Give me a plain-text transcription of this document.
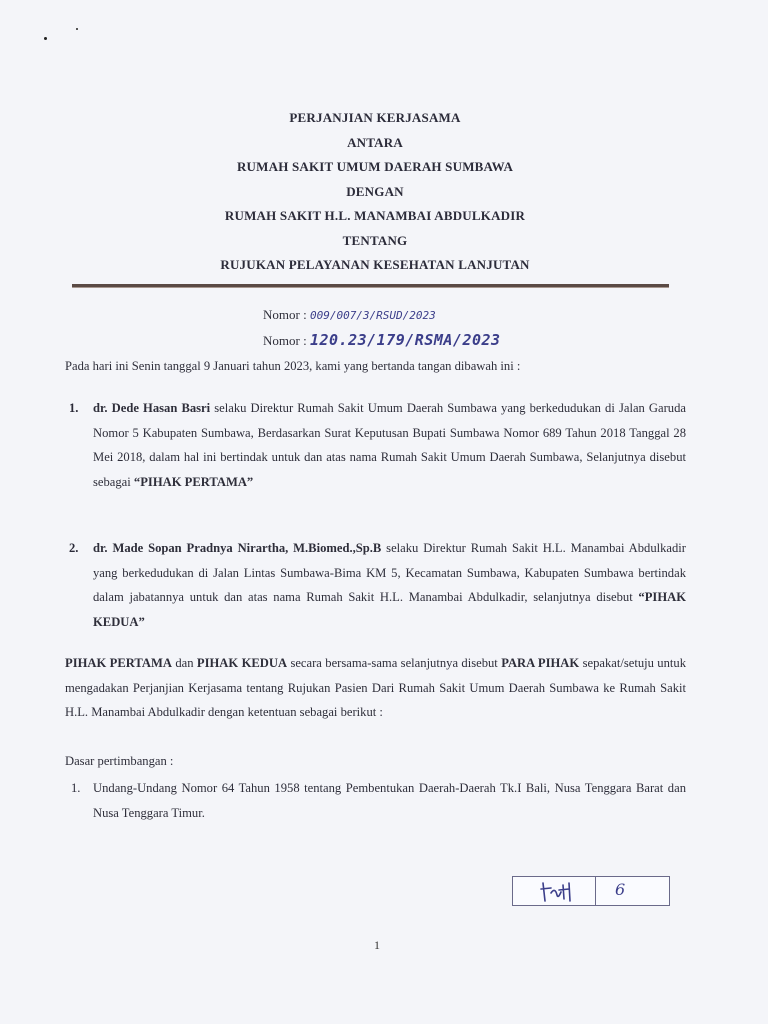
PERJANJIAN KERJASAMA
ANTARA
RUMAH SAKIT UMUM DAERAH SUMBAWA
DENGAN
RUMAH SAKIT H.L. MANAMBAI ABDULKADIR
TENTANG
RUJUKAN PELAYANAN KESEHATAN LANJUTAN
Nomor : 009/007/3/RSUD/2023
Nomor : 120.23/179/RSMA/2023
Pada hari ini Senin tanggal 9 Januari tahun 2023, kami yang bertanda tangan dibawah ini :
1. dr. Dede Hasan Basri selaku Direktur Rumah Sakit Umum Daerah Sumbawa yang berkedudukan di Jalan Garuda Nomor 5 Kabupaten Sumbawa, Berdasarkan Surat Keputusan Bupati Sumbawa Nomor 689 Tahun 2018 Tanggal 28 Mei 2018, dalam hal ini bertindak untuk dan atas nama Rumah Sakit Umum Daerah Sumbawa, Selanjutnya disebut sebagai “PIHAK PERTAMA”
2. dr. Made Sopan Pradnya Nirartha, M.Biomed.,Sp.B selaku Direktur Rumah Sakit H.L. Manambai Abdulkadir yang berkedudukan di Jalan Lintas Sumbawa-Bima KM 5, Kecamatan Sumbawa, Kabupaten Sumbawa bertindak dalam jabatannya untuk dan atas nama Rumah Sakit H.L. Manambai Abdulkadir, selanjutnya disebut “PIHAK KEDUA”
PIHAK PERTAMA dan PIHAK KEDUA secara bersama-sama selanjutnya disebut PARA PIHAK sepakat/setuju untuk mengadakan Perjanjian Kerjasama tentang Rujukan Pasien Dari Rumah Sakit Umum Daerah Sumbawa ke Rumah Sakit H.L. Manambai Abdulkadir dengan ketentuan sebagai berikut :
Dasar pertimbangan :
1. Undang-Undang Nomor 64 Tahun 1958 tentang Pembentukan Daerah-Daerah Tk.I Bali, Nusa Tenggara Barat dan Nusa Tenggara Timur.
6
1
